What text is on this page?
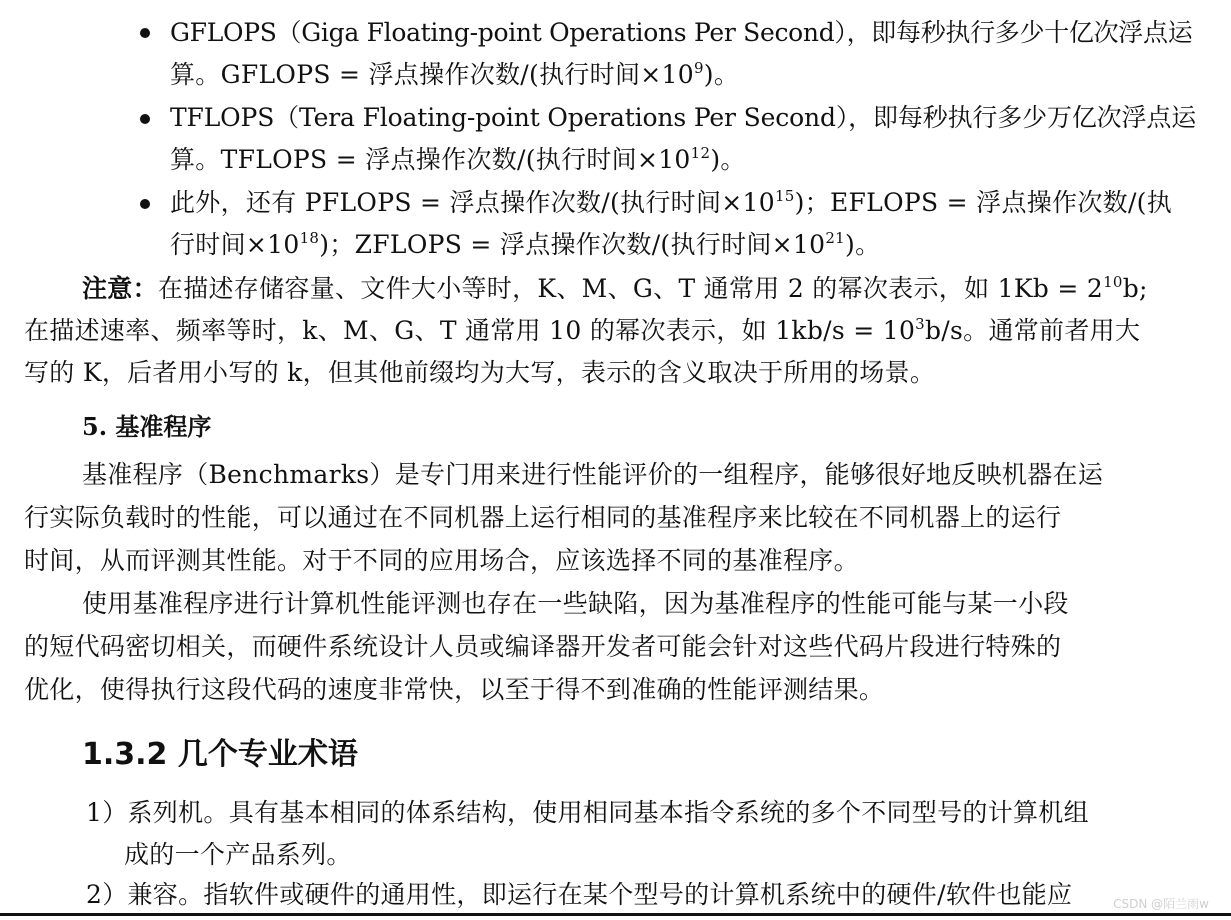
GFLOPS（Giga Floating-point Operations Per Second），即每秒执行多少十亿次浮点运
算。GFLOPS = 浮点操作次数/(执行时间$\times 10^9$)。
TFLOPS（Tera Floating-point Operations Per Second），即每秒执行多少万亿次浮点运
算。TFLOPS = 浮点操作次数/(执行时间$\times 10^{12}$)。
此外，还有 PFLOPS = 浮点操作次数/(执行时间$\times 10^{15}$)；EFLOPS = 浮点操作次数/(执
行时间$\times 10^{18}$)；ZFLOPS = 浮点操作次数/(执行时间$\times 10^{21}$)。
注意：在描述存储容量、文件大小等时，K、M、G、T 通常用 2 的幂次表示，如 $1Kb = 2^{10}b$;
在描述速率、频率等时，k、M、G、T 通常用 10 的幂次表示，如 $1kb/s = 10^3b/s$。通常前者用大
写的 K，后者用小写的 k，但其他前缀均为大写，表示的含义取决于所用的场景。
5. 基准程序
基准程序（Benchmarks）是专门用来进行性能评价的一组程序，能够很好地反映机器在运
行实际负载时的性能，可以通过在不同机器上运行相同的基准程序来比较在不同机器上的运行
时间，从而评测其性能。对于不同的应用场合，应该选择不同的基准程序。
使用基准程序进行计算机性能评测也存在一些缺陷，因为基准程序的性能可能与某一小段
的短代码密切相关，而硬件系统设计人员或编译器开发者可能会针对这些代码片段进行特殊的
优化，使得执行这段代码的速度非常快，以至于得不到准确的性能评测结果。
1.3.2 几个专业术语
1）系列机。具有基本相同的体系结构，使用相同基本指令系统的多个不同型号的计算机组
成的一个产品系列。
2）兼容。指软件或硬件的通用性，即运行在某个型号的计算机系统中的硬件/软件也能应	CSDN @陌兰雨w
